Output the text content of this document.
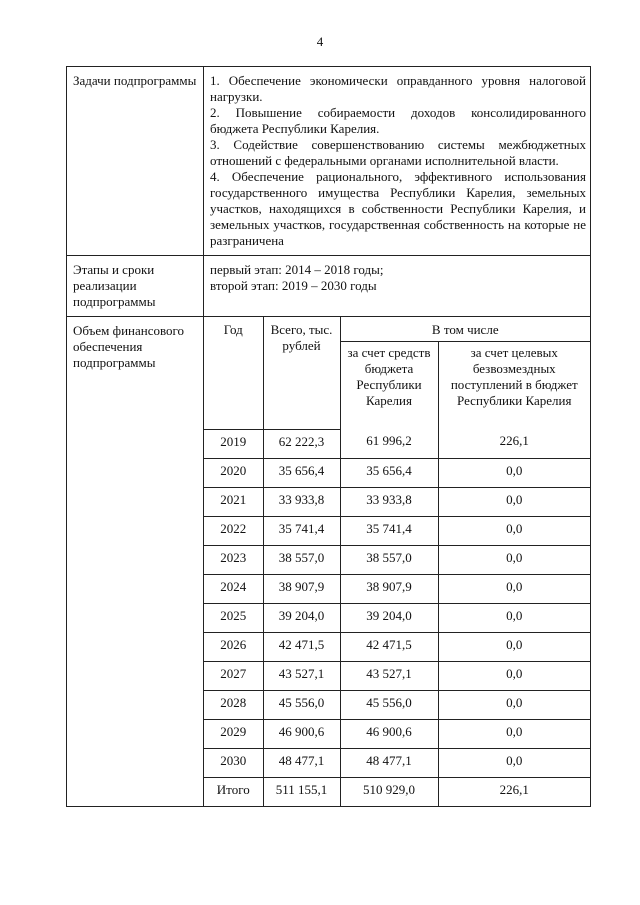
4
Задачи подпрограммы	1. Обеспечение экономически оправданного уровня налоговой нагрузки.
2. Повышение собираемости доходов консолидированного бюджета Республики Карелия.
3. Содействие совершенствованию системы межбюджетных отношений с федеральными органами исполнительной власти.
4. Обеспечение рационального, эффективного использования государственного имущества Республики Карелия, земельных участков, находящихся в собственности Республики Карелия, и земельных участков, государственная собственность на которые не разграничена

Этапы и сроки реализации подпрограммы	
первый этап: 2014 – 2018 годы;
второй этап: 2019 – 2030 годы

Объем финансового обеспечения подпрограммы	
Год	Всего, тыс. рублей	В том числе
за счет средств бюджета Республики Карелия	за счет целевых безвозмездных поступлений в бюджет Республики Карелия
2019	62 222,3	61 996,2	226,1
2020	35 656,4	35 656,4	0,0
2021	33 933,8	33 933,8	0,0
2022	35 741,4	35 741,4	0,0
2023	38 557,0	38 557,0	0,0
2024	38 907,9	38 907,9	0,0
2025	39 204,0	39 204,0	0,0
2026	42 471,5	42 471,5	0,0
2027	43 527,1	43 527,1	0,0
2028	45 556,0	45 556,0	0,0
2029	46 900,6	46 900,6	0,0
2030	48 477,1	48 477,1	0,0
Итого	511 155,1	510 929,0	226,1
